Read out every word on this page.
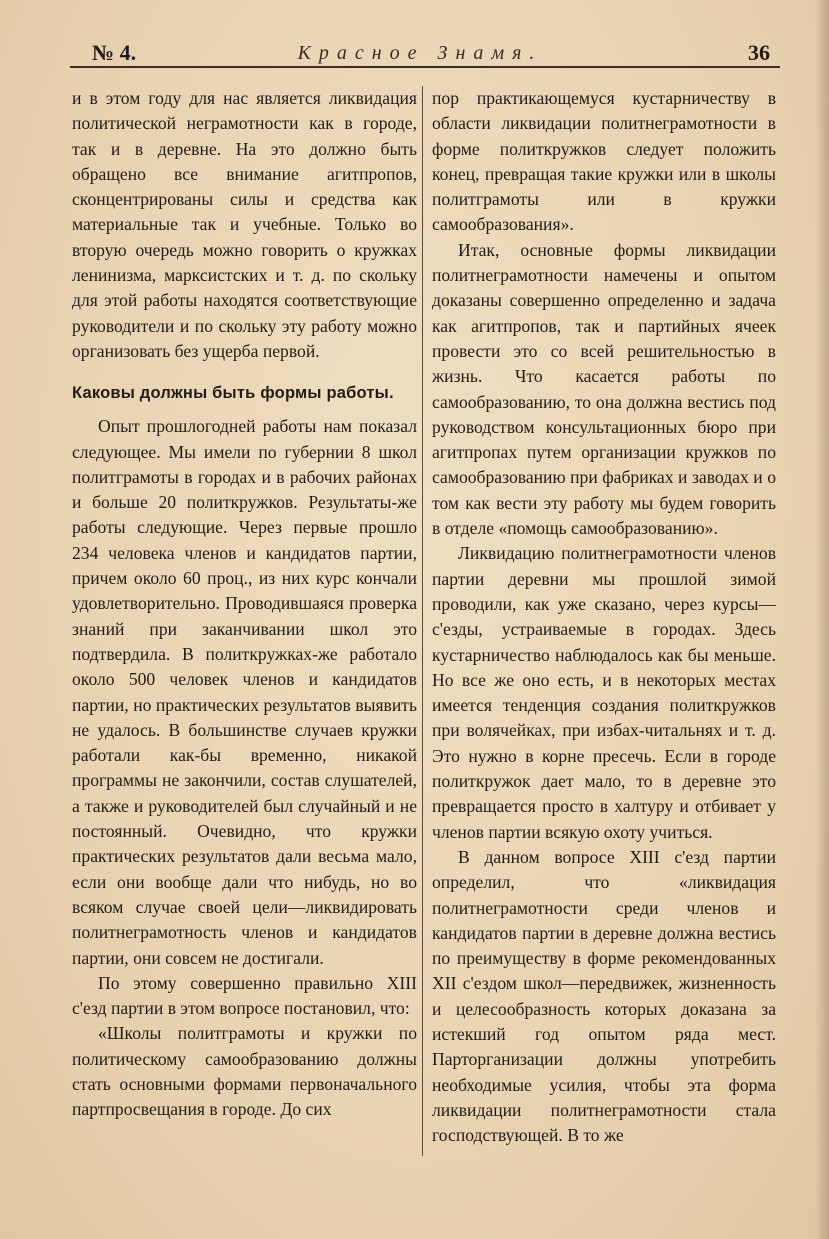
№ 4.	Красное Знамя.	36

и в этом году для нас является ликвидация политической неграмотности как в городе, так и в деревне. На это должно быть обращено все внимание агитпропов, сконцентрированы силы и средства как материальные так и учебные. Только во вторую очередь можно говорить о кружках ленинизма, марксистских и т. д. по скольку для этой работы находятся соответствующие руководители и по скольку эту работу можно организовать без ущерба первой.

Каковы должны быть формы работы.

Опыт прошлогодней работы нам показал следующее. Мы имели по губернии 8 школ политграмоты в городах и в рабочих районах и больше 20 политкружков. Результаты-же работы следующие. Через первые прошло 234 человека членов и кандидатов партии, причем около 60 проц., из них курс кончали удовлетворительно. Проводившаяся проверка знаний при заканчивании школ это подтвердила. В политкружках-же работало около 500 человек членов и кандидатов партии, но практических результатов выявить не удалось. В большинстве случаев кружки работали как-бы временно, никакой программы не закончили, состав слушателей, а также и руководителей был случайный и не постоянный. Очевидно, что кружки практических результатов дали весьма мало, если они вообще дали что нибудь, но во всяком случае своей цели—ликвидировать политнеграмотность членов и кандидатов партии, они совсем не достигали.

По этому совершенно правильно XIII с'езд партии в этом вопросе постановил, что:

«Школы политграмоты и кружки по политическому самообразованию должны стать основными формами первоначального партпросвещания в городе. До сих

пор практикающемуся кустарничеству в области ликвидации политнеграмотности в форме политкружков следует положить конец, превращая такие кружки или в школы политграмоты или в кружки самообразования».

Итак, основные формы ликвидации политнеграмотности намечены и опытом доказаны совершенно определенно и задача как агитпропов, так и партийных ячеек провести это со всей решительностью в жизнь. Что касается работы по самообразованию, то она должна вестись под руководством консультационных бюро при агитпропах путем организации кружков по самообразованию при фабриках и заводах и о том как вести эту работу мы будем говорить в отделе «помощь самообразованию».

Ликвидацию политнеграмотности членов партии деревни мы прошлой зимой проводили, как уже сказано, через курсы—с'езды, устраиваемые в городах. Здесь кустарничество наблюдалось как бы меньше. Но все же оно есть, и в некоторых местах имеется тенденция создания политкружков при волячейках, при избах-читальнях и т. д. Это нужно в корне пресечь. Если в городе политкружок дает мало, то в деревне это превращается просто в халтуру и отбивает у членов партии всякую охоту учиться.

В данном вопросе XIII с'езд партии определил, что «ликвидация политнеграмотности среди членов и кандидатов партии в деревне должна вестись по преимуществу в форме рекомендованных XII с'ездом школ—передвижек, жизненность и целесообразность которых доказана за истекший год опытом ряда мест. Парторганизации должны употребить необходимые усилия, чтобы эта форма ликвидации политнеграмотности стала господствующей. В то же
